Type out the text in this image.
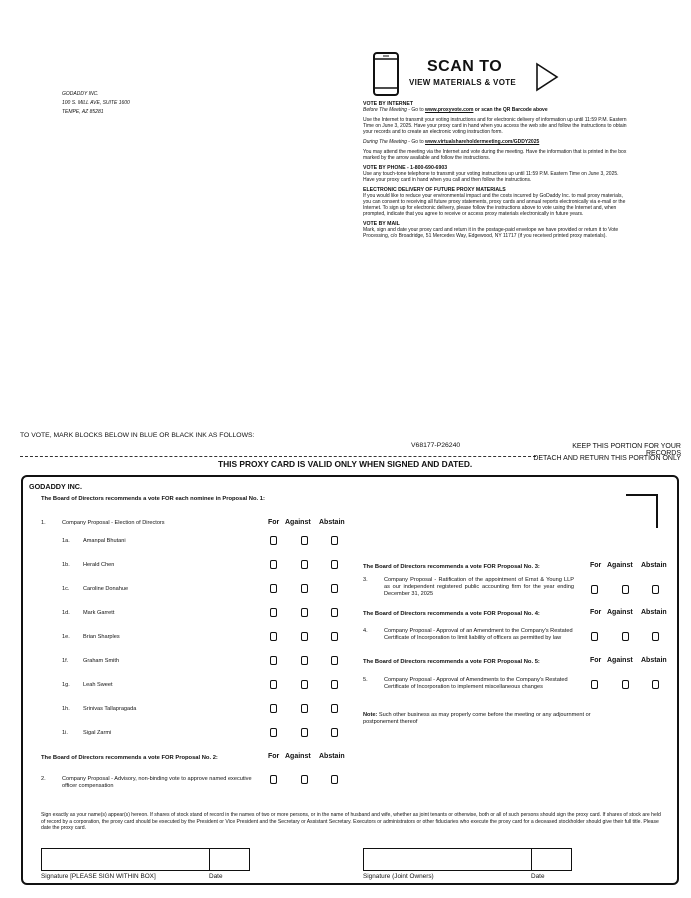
GODADDY INC.
100 S. MILL AVE, SUITE 1600
TEMPE, AZ 85281
SCAN TO
VIEW MATERIALS & VOTE
VOTE BY INTERNET

Before The Meeting - Go to www.proxyvote.com or scan the QR Barcode above

Use the Internet to transmit your voting instructions and for electronic delivery of information up until 11:59 P.M. Eastern Time on June 3, 2025. Have your proxy card in hand when you access the web site and follow the instructions to obtain your records and to create an electronic voting instruction form.

During The Meeting - Go to www.virtualshareholdermeeting.com/GDDY2025

You may attend the meeting via the Internet and vote during the meeting. Have the information that is printed in the box marked by the arrow available and follow the instructions.

VOTE BY PHONE - 1-800-690-6903

Use any touch-tone telephone to transmit your voting instructions up until 11:59 P.M. Eastern Time on June 3, 2025. Have your proxy card in hand when you call and then follow the instructions.

ELECTRONIC DELIVERY OF FUTURE PROXY MATERIALS

If you would like to reduce your environmental impact and the costs incurred by GoDaddy Inc. to mail proxy materials, you can consent to receiving all future proxy statements, proxy cards and annual reports electronically via e-mail or the Internet. To sign up for electronic delivery, please follow the instructions above to vote using the Internet and, when prompted, indicate that you agree to receive or access proxy materials electronically in future years.

VOTE BY MAIL

Mark, sign and date your proxy card and return it in the postage-paid envelope we have provided or return it to Vote Processing, c/o Broadridge, 51 Mercedes Way, Edgewood, NY 11717 (if you received printed proxy materials).

TO VOTE, MARK BLOCKS BELOW IN BLUE OR BLACK INK AS FOLLOWS:
V68177-P26240	KEEP THIS PORTION FOR YOUR RECORDS
DETACH AND RETURN THIS PORTION ONLY
THIS PROXY CARD IS VALID ONLY WHEN SIGNED AND DATED.
GODADDY INC.
The Board of Directors recommends a vote FOR each nominee in Proposal No. 1:
1.	Company Proposal - Election of Directors	For Against Abstain
1a. Amanpal Bhutani
1b. Herald Chen
1c. Caroline Donahue
1d. Mark Garrett
1e. Brian Sharples
1f.	Graham Smith
1g. Leah Sweet
1h. Srinivas Tallapragada
1i.	Sigal Zarmi
The Board of Directors recommends a vote FOR Proposal No. 2:	For Against Abstain
2.	Company Proposal - Advisory, non-binding vote to approve named executive officer compensation
The Board of Directors recommends a vote FOR Proposal No. 3:	For Against Abstain
3.	Company Proposal - Ratification of the appointment of Ernst & Young LLP as our independent registered public accounting firm for the year ending December 31, 2025
The Board of Directors recommends a vote FOR Proposal No. 4:	For Against Abstain
4.	Company Proposal - Approval of an Amendment to the Company's Restated Certificate of Incorporation to limit liability of officers as permitted by law
The Board of Directors recommends a vote FOR Proposal No. 5:	For Against Abstain
5.	Company Proposal - Approval of Amendments to the Company's Restated Certificate of Incorporation to implement miscellaneous changes
Note: Such other business as may properly come before the meeting or any adjournment or postponement thereof
Sign exactly as your name(s) appear(s) hereon. If shares of stock stand of record in the names of two or more persons, or in the name of husband and wife, whether as joint tenants or otherwise, both or all of such persons should sign the proxy card. If shares of stock are held of record by a corporation, the proxy card should be executed by the President or Vice President and the Secretary or Assistant Secretary. Executors or administrators or other fiduciaries who execute the proxy card for a deceased stockholder should give their full title. Please date the proxy card.
Signature [PLEASE SIGN WITHIN BOX]	Date	Signature (Joint Owners)	Date
